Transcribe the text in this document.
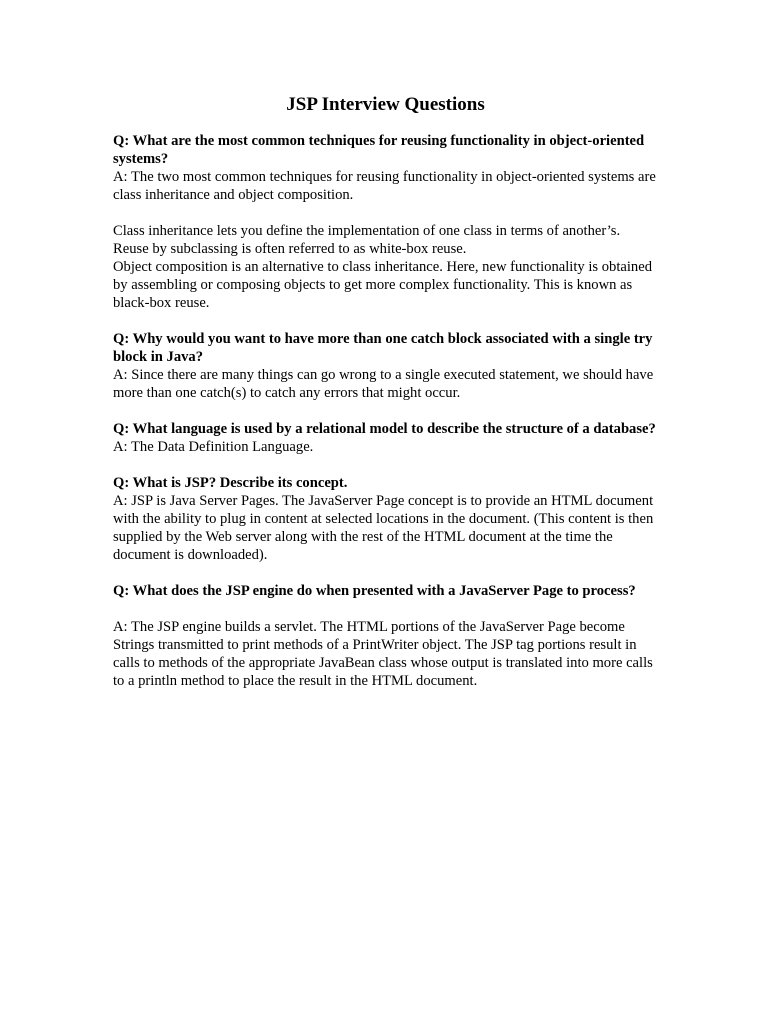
JSP Interview Questions
Q: What are the most common techniques for reusing functionality in object-oriented systems?
A: The two most common techniques for reusing functionality in object-oriented systems are class inheritance and object composition.
Class inheritance lets you define the implementation of one class in terms of another’s. Reuse by subclassing is often referred to as white-box reuse.
Object composition is an alternative to class inheritance. Here, new functionality is obtained by assembling or composing objects to get more complex functionality. This is known as black-box reuse.
Q: Why would you want to have more than one catch block associated with a single try block in Java?
A: Since there are many things can go wrong to a single executed statement, we should have more than one catch(s) to catch any errors that might occur.
Q: What language is used by a relational model to describe the structure of a database?
A: The Data Definition Language.
Q: What is JSP? Describe its concept.
A: JSP is Java Server Pages. The JavaServer Page concept is to provide an HTML document with the ability to plug in content at selected locations in the document. (This content is then supplied by the Web server along with the rest of the HTML document at the time the document is downloaded).
Q: What does the JSP engine do when presented with a JavaServer Page to process?
A: The JSP engine builds a servlet. The HTML portions of the JavaServer Page become Strings transmitted to print methods of a PrintWriter object. The JSP tag portions result in calls to methods of the appropriate JavaBean class whose output is translated into more calls to a println method to place the result in the HTML document.
